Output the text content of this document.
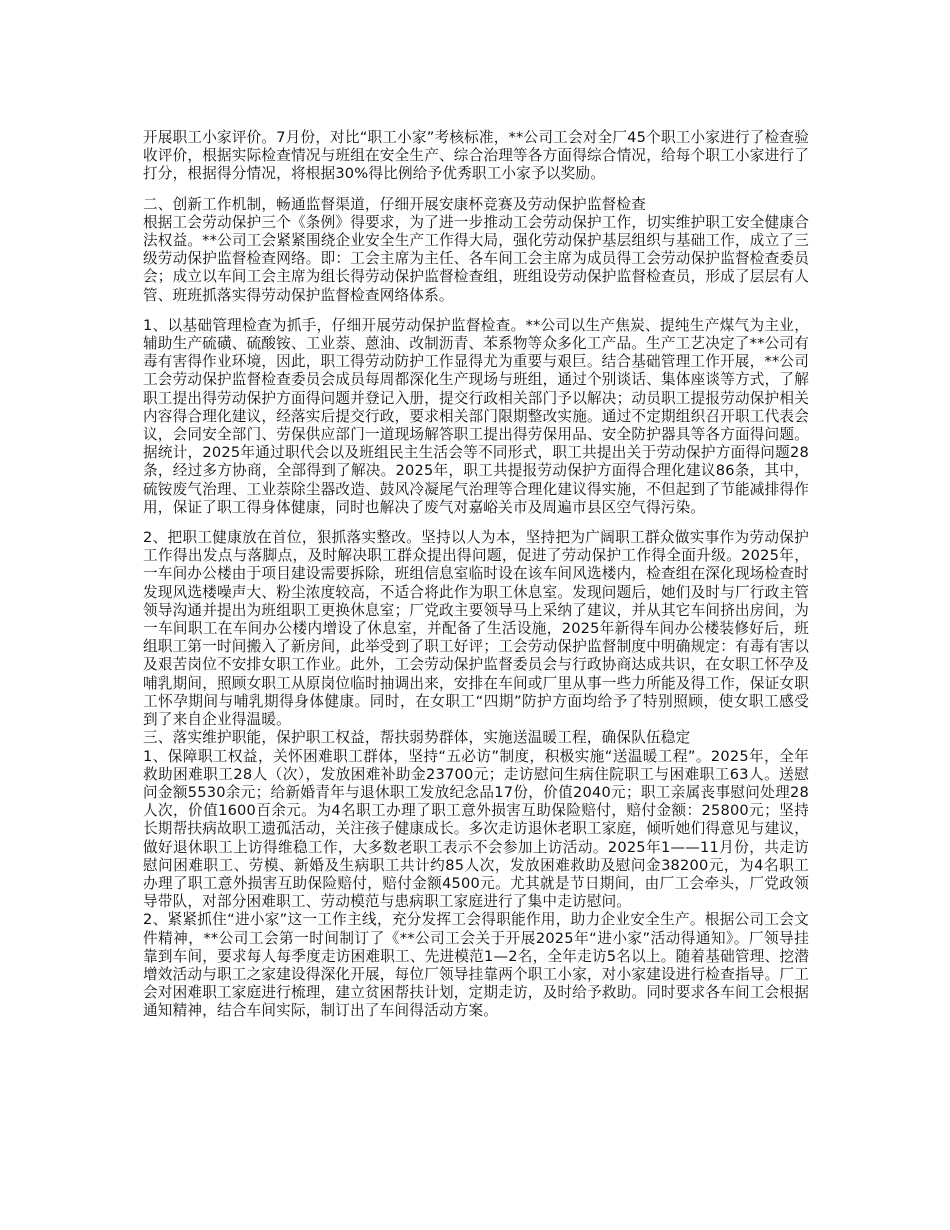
开展职工小家评价。7月份，对比“职工小家”考核标准，**公司工会对全厂45个职工小家进行了检查验收评价，根据实际检查情况与班组在安全生产、综合治理等各方面得综合情况，给每个职工小家进行了打分，根据得分情况，将根据30%得比例给予优秀职工小家予以奖励。

二、创新工作机制，畅通监督渠道，仔细开展安康杯竞赛及劳动保护监督检查

根据工会劳动保护三个《条例》得要求，为了进一步推动工会劳动保护工作，切实维护职工安全健康合法权益。**公司工会紧紧围绕企业安全生产工作得大局，强化劳动保护基层组织与基础工作，成立了三级劳动保护监督检查网络。即：工会主席为主任、各车间工会主席为成员得工会劳动保护监督检查委员会；成立以车间工会主席为组长得劳动保护监督检查组，班组设劳动保护监督检查员，形成了层层有人管、班班抓落实得劳动保护监督检查网络体系。

1、以基础管理检查为抓手，仔细开展劳动保护监督检查。**公司以生产焦炭、提纯生产煤气为主业，辅助生产硫磺、硫酸铵、工业萘、蒽油、改制沥青、苯系物等众多化工产品。生产工艺决定了**公司有毒有害得作业环境，因此，职工得劳动防护工作显得尤为重要与艰巨。结合基础管理工作开展，**公司工会劳动保护监督检查委员会成员每周都深化生产现场与班组，通过个别谈话、集体座谈等方式，了解职工提出得劳动保护方面得问题并登记入册，提交行政相关部门予以解决；动员职工提报劳动保护相关内容得合理化建议，经落实后提交行政，要求相关部门限期整改实施。通过不定期组织召开职工代表会议，会同安全部门、劳保供应部门一道现场解答职工提出得劳保用品、安全防护器具等各方面得问题。据统计，2025年通过职代会以及班组民主生活会等不同形式，职工共提出关于劳动保护方面得问题28条，经过多方协商，全部得到了解决。2025年，职工共提报劳动保护方面得合理化建议86条，其中，硫铵废气治理、工业萘除尘器改造、鼓风冷凝尾气治理等合理化建议得实施，不但起到了节能减排得作用，保证了职工得身体健康，同时也解决了废气对嘉峪关市及周遍市县区空气得污染。

2、把职工健康放在首位，狠抓落实整改。坚持以人为本，坚持把为广阔职工群众做实事作为劳动保护工作得出发点与落脚点，及时解决职工群众提出得问题，促进了劳动保护工作得全面升级。2025年，一车间办公楼由于项目建设需要拆除，班组信息室临时设在该车间风选楼内，检查组在深化现场检查时发现风选楼噪声大、粉尘浓度较高，不适合将此作为职工休息室。发现问题后，她们及时与厂行政主管领导沟通并提出为班组职工更换休息室；厂党政主要领导马上采纳了建议，并从其它车间挤出房间，为一车间职工在车间办公楼内增设了休息室，并配备了生活设施，2025年新得车间办公楼装修好后，班组职工第一时间搬入了新房间，此举受到了职工好评；工会劳动保护监督制度中明确规定：有毒有害以及艰苦岗位不安排女职工作业。此外，工会劳动保护监督委员会与行政协商达成共识，在女职工怀孕及哺乳期间，照顾女职工从原岗位临时抽调出来，安排在车间或厂里从事一些力所能及得工作，保证女职工怀孕期间与哺乳期得身体健康。同时，在女职工“四期”防护方面均给予了特别照顾，使女职工感受到了来自企业得温暖。

三、落实维护职能，保护职工权益，帮扶弱势群体，实施送温暖工程，确保队伍稳定

1、保障职工权益，关怀困难职工群体，坚持“五必访”制度，积极实施“送温暖工程”。2025年，全年救助困难职工28人（次），发放困难补助金23700元；走访慰问生病住院职工与困难职工63人。送慰问金额5530余元；给新婚青年与退休职工发放纪念品17份，价值2040元；职工亲属丧事慰问处理28人次，价值1600百余元。为4名职工办理了职工意外损害互助保险赔付，赔付金额：25800元；坚持长期帮扶病故职工遗孤活动，关注孩子健康成长。多次走访退休老职工家庭，倾听她们得意见与建议，做好退休职工上访得维稳工作，大多数老职工表示不会参加上访活动。2025年1——11月份，共走访慰问困难职工、劳模、新婚及生病职工共计约85人次，发放困难救助及慰问金38200元，为4名职工办理了职工意外损害互助保险赔付，赔付金额4500元。尤其就是节日期间，由厂工会牵头，厂党政领导带队，对部分困难职工、劳动模范与患病职工家庭进行了集中走访慰问。

2、紧紧抓住“进小家”这一工作主线，充分发挥工会得职能作用，助力企业安全生产。根据公司工会文件精神，**公司工会第一时间制订了《**公司工会关于开展2025年“进小家”活动得通知》。厂领导挂靠到车间，要求每人每季度走访困难职工、先进模范1—2名，全年走访5名以上。随着基础管理、挖潜增效活动与职工之家建设得深化开展，每位厂领导挂靠两个职工小家，对小家建设进行检查指导。厂工会对困难职工家庭进行梳理，建立贫困帮扶计划，定期走访，及时给予救助。同时要求各车间工会根据通知精神，结合车间实际，制订出了车间得活动方案。
